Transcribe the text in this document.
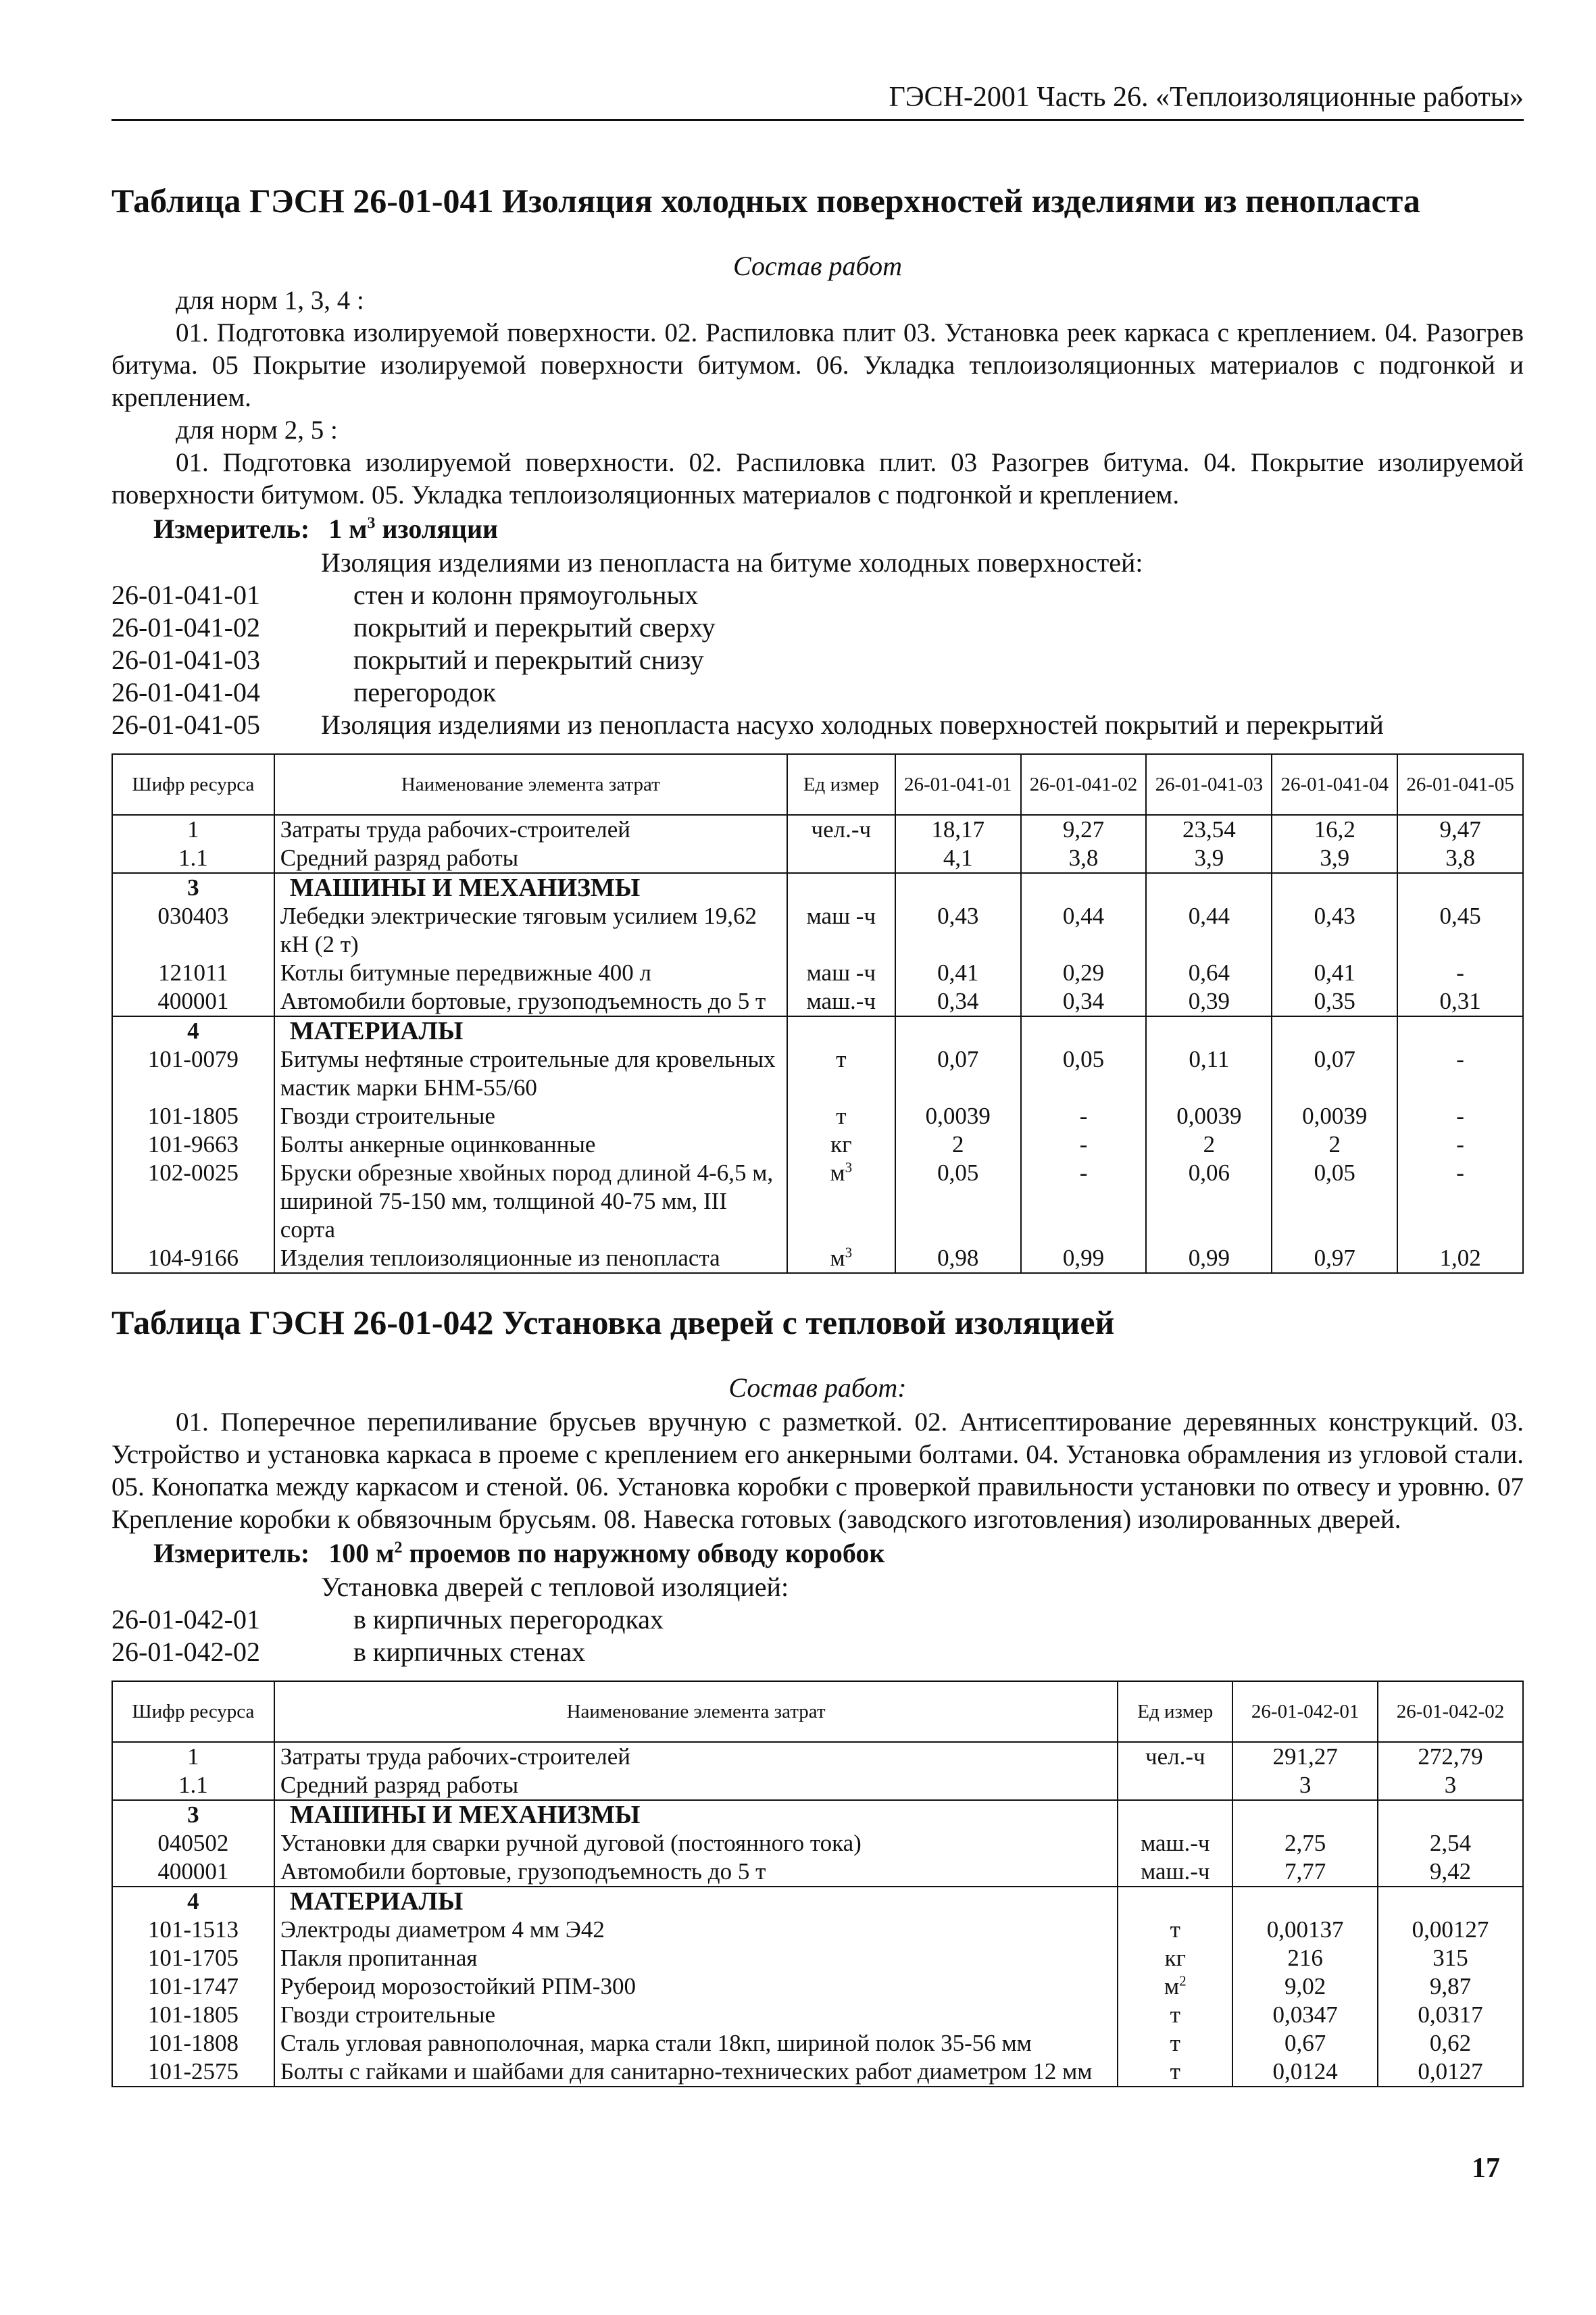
ГЭСН-2001 Часть 26. «Теплоизоляционные работы»
Таблица ГЭСН 26-01-041 Изоляция холодных поверхностей изделиями из пенопласта
Состав работ
для норм 1, 3, 4 :
01. Подготовка изолируемой поверхности. 02. Распиловка плит 03. Установка реек каркаса с креплением. 04. Разогрев битума. 05 Покрытие изолируемой поверхности битумом. 06. Укладка теплоизоляционных материалов с подгонкой и креплением.
для норм 2, 5 :
01. Подготовка изолируемой поверхности. 02. Распиловка плит. 03 Разогрев битума. 04. Покрытие изолируемой поверхности битумом. 05. Укладка теплоизоляционных материалов с подгонкой и креплением.
Измеритель: 1 $м^3$ изоляции
Изоляция изделиями из пенопласта на битуме холодных поверхностей:
26-01-041-01	стен и колонн прямоугольных
26-01-041-02	покрытий и перекрытий сверху
26-01-041-03	покрытий и перекрытий снизу
26-01-041-04	перегородок
26-01-041-05	Изоляция изделиями из пенопласта насухо холодных поверхностей покрытий и перекрытий
Шифр ресурса	Наименование элемента затрат	Ед измер	26-01-041-01	26-01-041-02	26-01-041-03	26-01-041-04	26-01-041-05
1	Затраты труда рабочих-строителей	чел.-ч	18,17	9,27	23,54	16,2	9,47
1.1	Средний разряд работы		4,1	3,8	3,9	3,9	3,8
3	МАШИНЫ И МЕХАНИЗМЫ						
030403	Лебедки электрические тяговым усилием 19,62 кН (2 т)	маш -ч	0,43	0,44	0,44	0,43	0,45
121011	Котлы битумные передвижные 400 л	маш -ч	0,41	0,29	0,64	0,41	-
400001	Автомобили бортовые, грузоподъемность до 5 т	маш.-ч	0,34	0,34	0,39	0,35	0,31
4	МАТЕРИАЛЫ						
101-0079	Битумы нефтяные строительные для кровельных мастик марки БНМ-55/60	т	0,07	0,05	0,11	0,07	-
101-1805	Гвозди строительные	т	0,0039	-	0,0039	0,0039	-
101-9663	Болты анкерные оцинкованные	кг	2	-	2	2	-
102-0025	Бруски обрезные хвойных пород длиной 4-6,5 м, шириной 75-150 мм, толщиной 40-75 мм, III сорта	$м^3$	0,05	-	0,06	0,05	-
104-9166	Изделия теплоизоляционные из пенопласта	$м^3$	0,98	0,99	0,99	0,97	1,02
Таблица ГЭСН 26-01-042 Установка дверей с тепловой изоляцией
Состав работ:
01. Поперечное перепиливание брусьев вручную с разметкой. 02. Антисептирование деревянных конструкций. 03. Устройство и установка каркаса в проеме с креплением его анкерными болтами. 04. Установка обрамления из угловой стали. 05. Конопатка между каркасом и стеной. 06. Установка коробки с проверкой правильности установки по отвесу и уровню. 07 Крепление коробки к обвязочным брусьям. 08. Навеска готовых (заводского изготовления) изолированных дверей.
Измеритель: 100 $м^2$ проемов по наружному обводу коробок
Установка дверей с тепловой изоляцией:
26-01-042-01	в кирпичных перегородках
26-01-042-02	в кирпичных стенах
Шифр ресурса	Наименование элемента затрат	Ед измер	26-01-042-01	26-01-042-02
1	Затраты труда рабочих-строителей	чел.-ч	291,27	272,79
1.1	Средний разряд работы		3	3
3	МАШИНЫ И МЕХАНИЗМЫ			
040502	Установки для сварки ручной дуговой (постоянного тока)	маш.-ч	2,75	2,54
400001	Автомобили бортовые, грузоподъемность до 5 т	маш.-ч	7,77	9,42
4	МАТЕРИАЛЫ			
101-1513	Электроды диаметром 4 мм Э42	т	0,00137	0,00127
101-1705	Пакля пропитанная	кг	216	315
101-1747	Рубероид морозостойкий РПМ-300	$м^2$	9,02	9,87
101-1805	Гвозди строительные	т	0,0347	0,0317
101-1808	Сталь угловая равнополочная, марка стали 18кп, шириной полок 35-56 мм	т	0,67	0,62
101-2575	Болты с гайками и шайбами для санитарно-технических работ диаметром 12 мм	т	0,0124	0,0127
17
